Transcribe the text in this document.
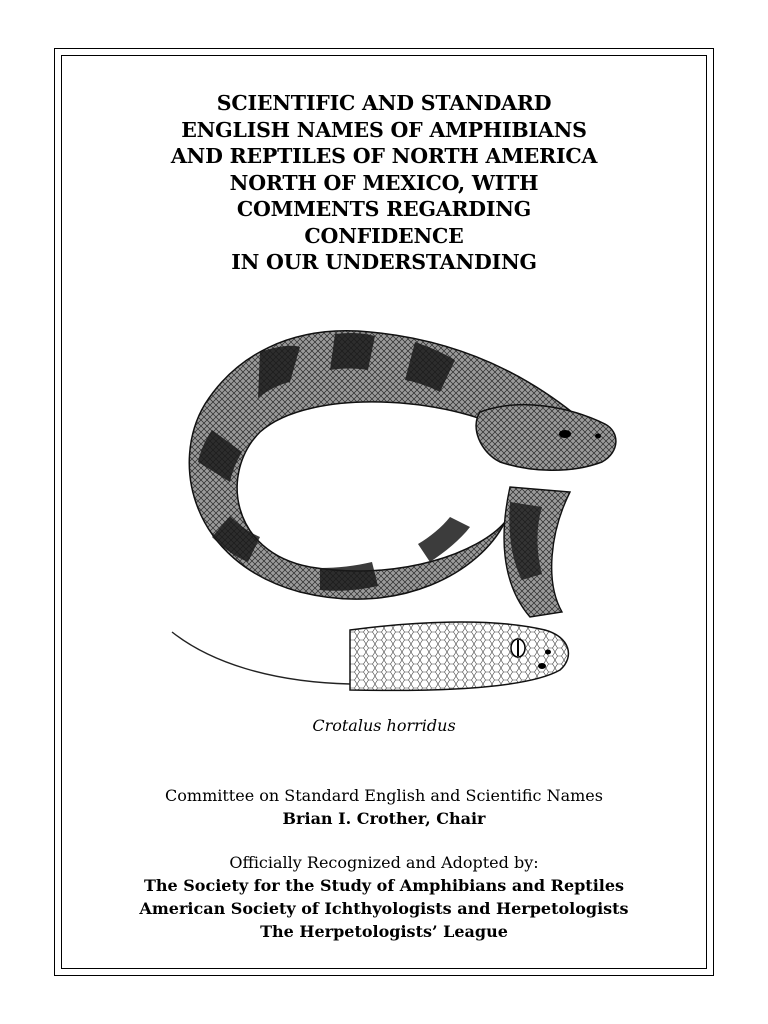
SCIENTIFIC AND STANDARD
ENGLISH NAMES OF AMPHIBIANS
AND REPTILES OF NORTH AMERICA
NORTH OF MEXICO, WITH
COMMENTS REGARDING
CONFIDENCE
IN OUR UNDERSTANDING
Crotalus horridus
Committee on Standard English and Scientific Names
Brian I. Crother, Chair
Officially Recognized and Adopted by:
The Society for the Study of Amphibians and Reptiles
American Society of Ichthyologists and Herpetologists
The Herpetologists’ League
